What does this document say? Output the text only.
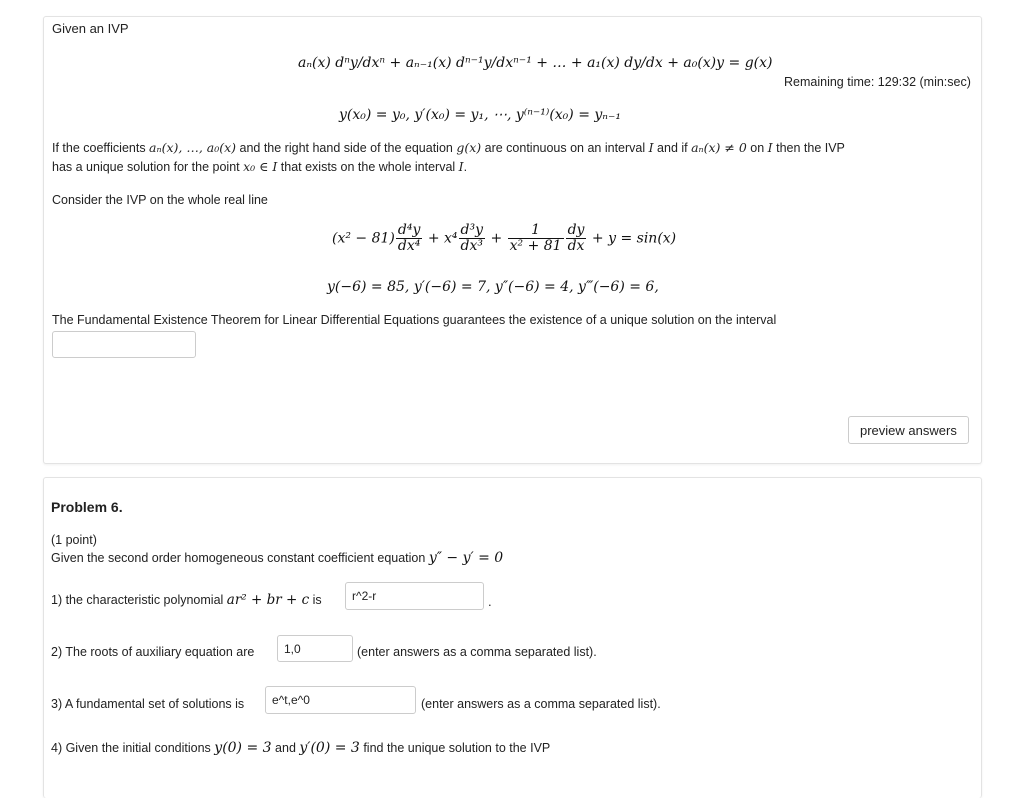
Given an IVP
aₙ(x) dⁿy/dxⁿ + aₙ₋₁(x) dⁿ⁻¹y/dxⁿ⁻¹ + … + a₁(x) dy/dx + a₀(x)y = g(x)
Remaining time: 129:32 (min:sec)
y(x₀) = y₀, y′(x₀) = y₁, ⋯, y⁽ⁿ⁻¹⁾(x₀) = yₙ₋₁
If the coefficients aₙ(x), …, a₀(x) and the right hand side of the equation g(x) are continuous on an interval I and if aₙ(x) ≠ 0 on I then the IVP
has a unique solution for the point x₀ ∈ I that exists on the whole interval I.
Consider the IVP on the whole real line
$(x^2 - 81) \frac{\text{d⁴y}}{\text{dx⁴}} + x^4 \frac{\text{d³y}}{\text{dx³}} + \frac{1}{\text{x² + 81}} \frac{dy}{dx} + y = \sin(x)$
y(−6) = 85, y′(−6) = 7, y″(−6) = 4, y‴(−6) = 6,
The Fundamental Existence Theorem for Linear Differential Equations guarantees the existence of a unique solution on the interval
preview answers
Problem 6.
(1 point)
Given the second order homogeneous constant coefficient equation y″ − y′ = 0
1) the characteristic polynomial ar² + br + c is
r^2-r	.
2) The roots of auxiliary equation are
1,0	(enter answers as a comma separated list).
3) A fundamental set of solutions is
e^t,e^0	(enter answers as a comma separated list).
4) Given the initial conditions y(0) = 3 and y′(0) = 3 find the unique solution to the IVP
